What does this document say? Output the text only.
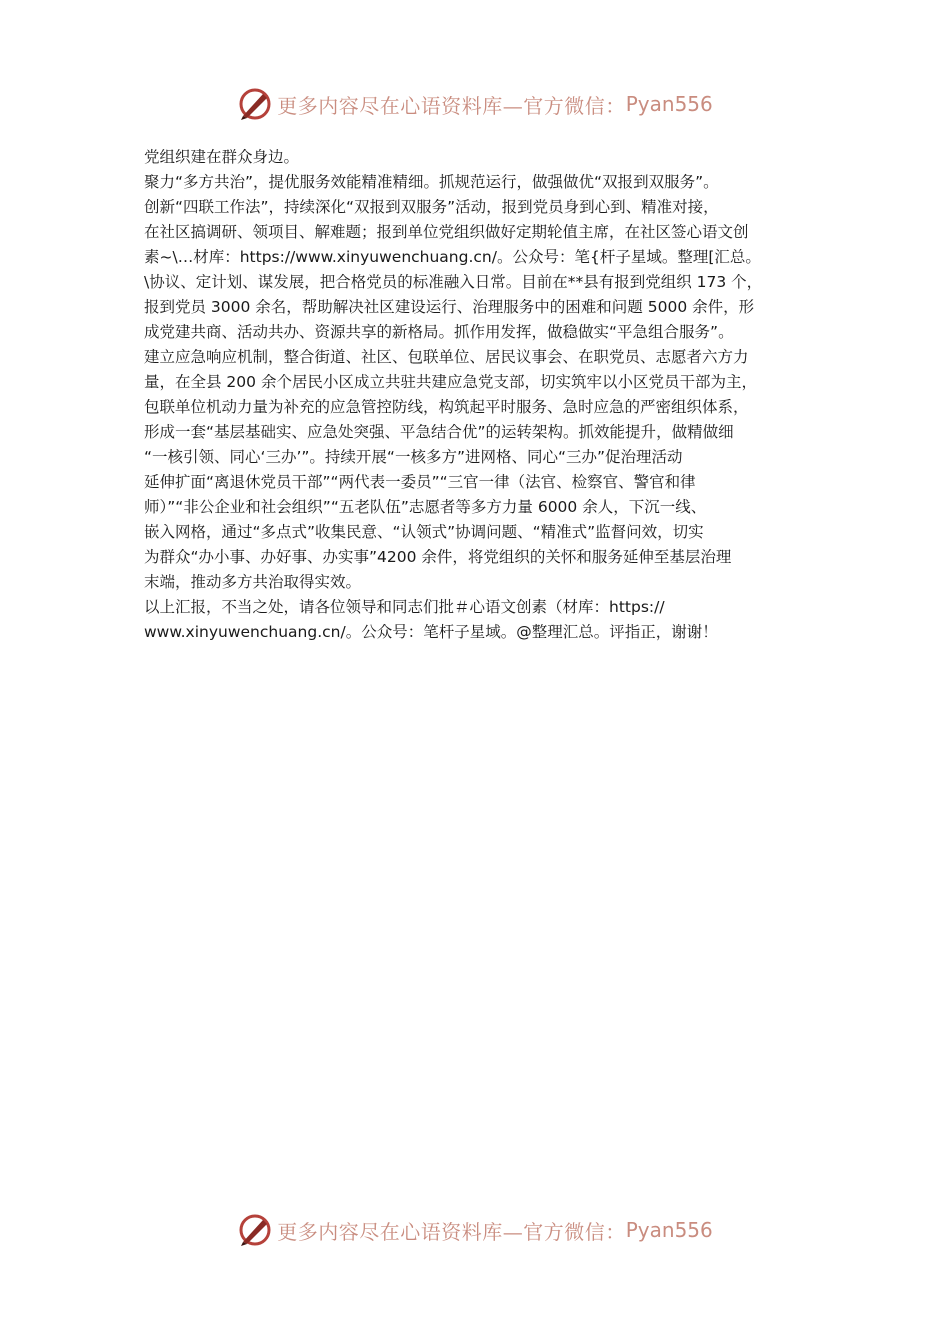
更多内容尽在心语资料库—官方微信： Pyan556
党组织建在群众身边。
聚力“多方共治”，提优服务效能精准精细。抓规范运行，做强做优“双报到双服务”。
创新“四联工作法”，持续深化“双报到双服务”活动，报到党员身到心到、精准对接，
在社区搞调研、领项目、解难题；报到单位党组织做好定期轮值主席，在社区签心语文创
素~\…材库：https://www.xinyuwenchuang.cn/。公众号：笔{杆子星域。整理[汇总。
\协议、定计划、谋发展，把合格党员的标准融入日常。目前在**县有报到党组织 173 个，
报到党员 3000 余名，帮助解决社区建设运行、治理服务中的困难和问题 5000 余件，形
成党建共商、活动共办、资源共享的新格局。抓作用发挥，做稳做实“平急组合服务”。
建立应急响应机制，整合街道、社区、包联单位、居民议事会、在职党员、志愿者六方力
量，在全县 200 余个居民小区成立共驻共建应急党支部，切实筑牢以小区党员干部为主，
包联单位机动力量为补充的应急管控防线，构筑起平时服务、急时应急的严密组织体系，
形成一套“基层基础实、应急处突强、平急结合优”的运转架构。抓效能提升，做精做细
“一核引领、同心‘三办’”。持续开展“一核多方”进网格、同心“三办”促治理活动
延伸扩面“离退休党员干部”“两代表一委员”“三官一律（法官、检察官、警官和律
师）”“非公企业和社会组织”“五老队伍”志愿者等多方力量 6000 余人，下沉一线、
嵌入网格，通过“多点式”收集民意、“认领式”协调问题、“精准式”监督问效，切实
为群众“办小事、办好事、办实事”4200 余件，将党组织的关怀和服务延伸至基层治理
末端，推动多方共治取得实效。
以上汇报，不当之处，请各位领导和同志们批＃心语文创素（材库：https://
www.xinyuwenchuang.cn/。公众号：笔杆子星域。@整理汇总。评指正，谢谢！
更多内容尽在心语资料库—官方微信： Pyan556
